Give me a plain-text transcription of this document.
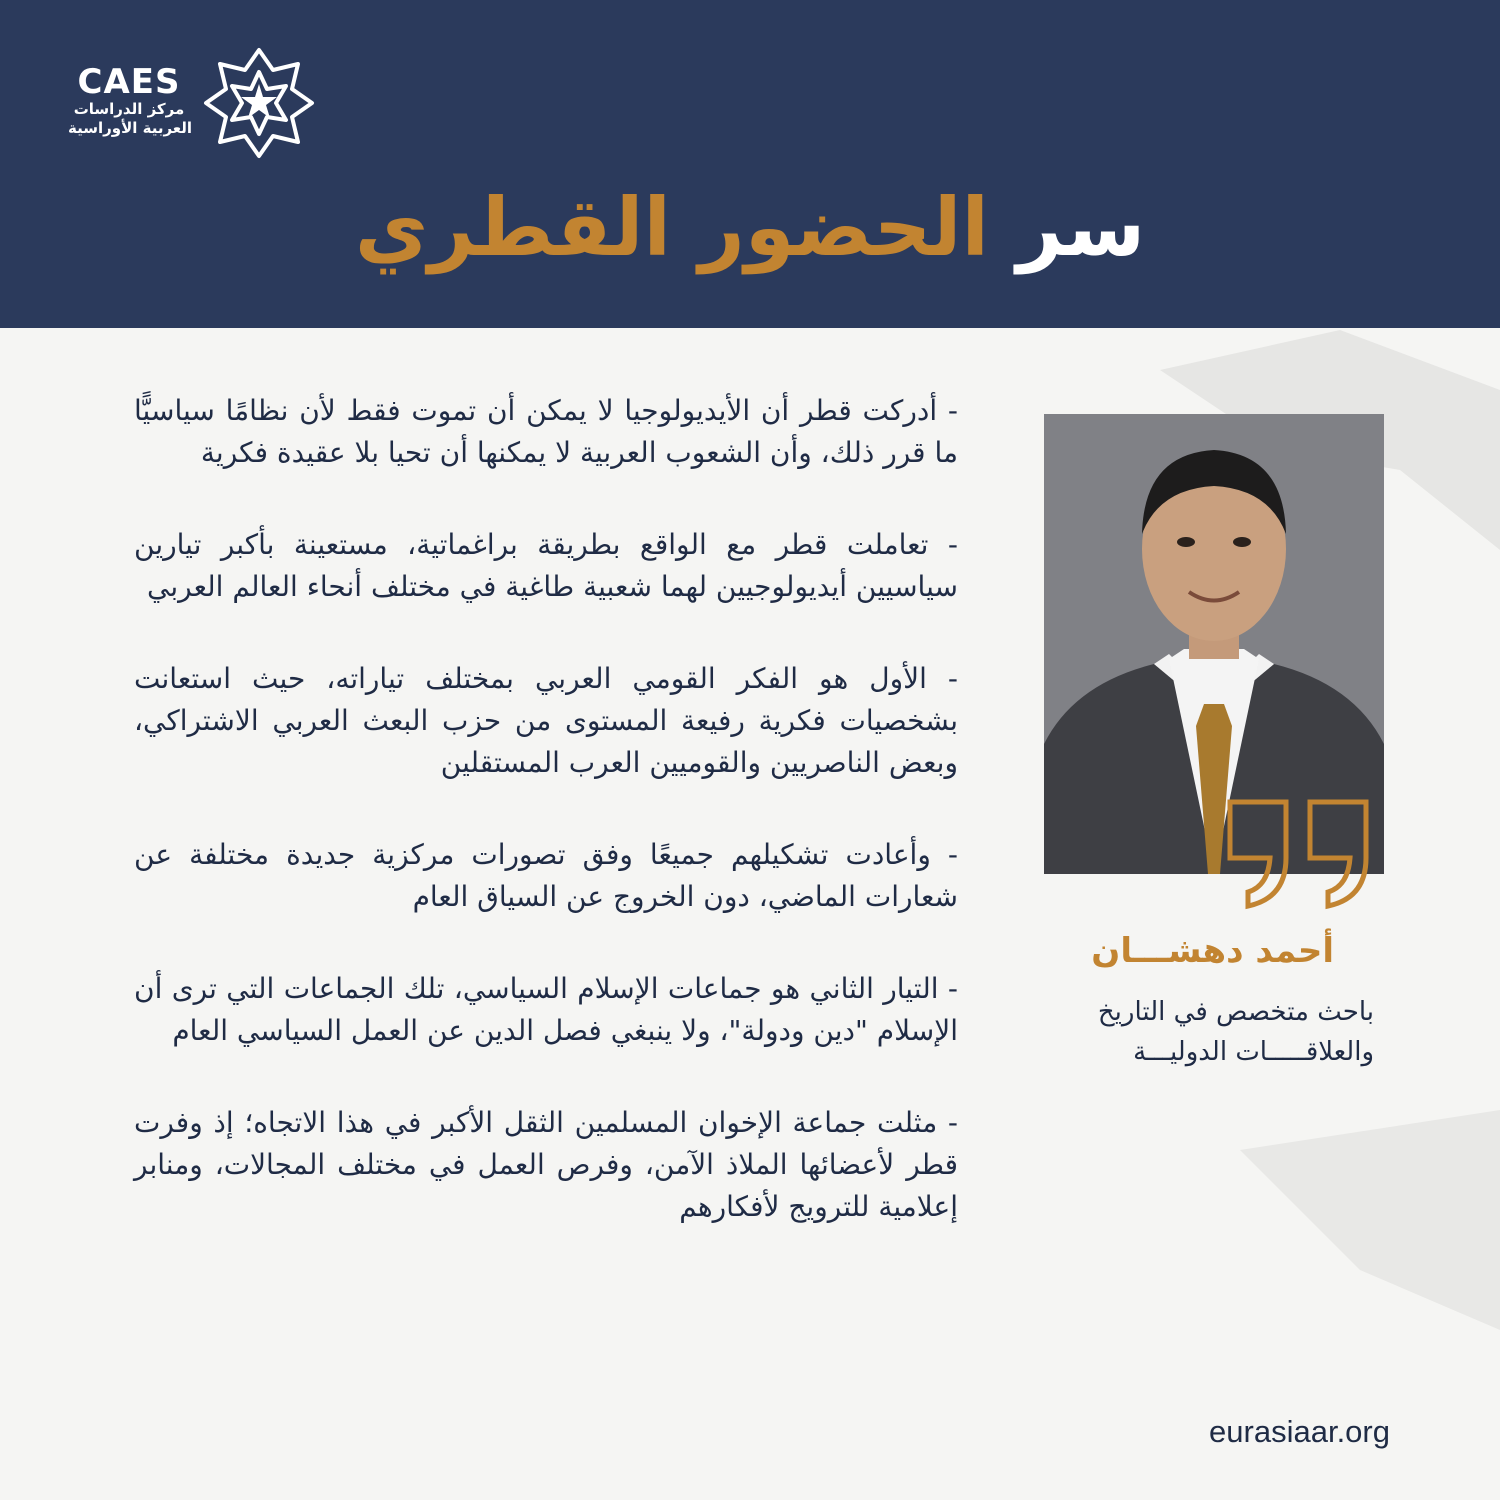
CAES
مركز الدراسات
العربية الأوراسية
سر الحضور القطري

- أدركت قطر أن الأيديولوجيا لا يمكن أن تموت فقط لأن نظامًا سياسيًّا ما قرر ذلك، وأن الشعوب العربية لا يمكنها أن تحيا بلا عقيدة فكرية

- تعاملت قطر مع الواقع بطريقة براغماتية، مستعينة بأكبر تيارين سياسيين أيديولوجيين لهما شعبية طاغية في مختلف أنحاء العالم العربي

- الأول هو الفكر القومي العربي بمختلف تياراته، حيث استعانت بشخصيات فكرية رفيعة المستوى من حزب البعث العربي الاشتراكي، وبعض الناصريين والقوميين العرب المستقلين

- وأعادت تشكيلهم جميعًا وفق تصورات مركزية جديدة مختلفة عن شعارات الماضي، دون الخروج عن السياق العام

- التيار الثاني هو جماعات الإسلام السياسي، تلك الجماعات التي ترى أن الإسلام "دين ودولة"، ولا ينبغي فصل الدين عن العمل السياسي العام

- مثلت جماعة الإخوان المسلمين الثقل الأكبر في هذا الاتجاه؛ إذ وفرت قطر لأعضائها الملاذ الآمن، وفرص العمل في مختلف المجالات، ومنابر إعلامية للترويج لأفكارهم

أحمد دهشـــان
باحث متخصص في التاريخ
والعلاقـــــات الدوليـــة
eurasiaar.org
